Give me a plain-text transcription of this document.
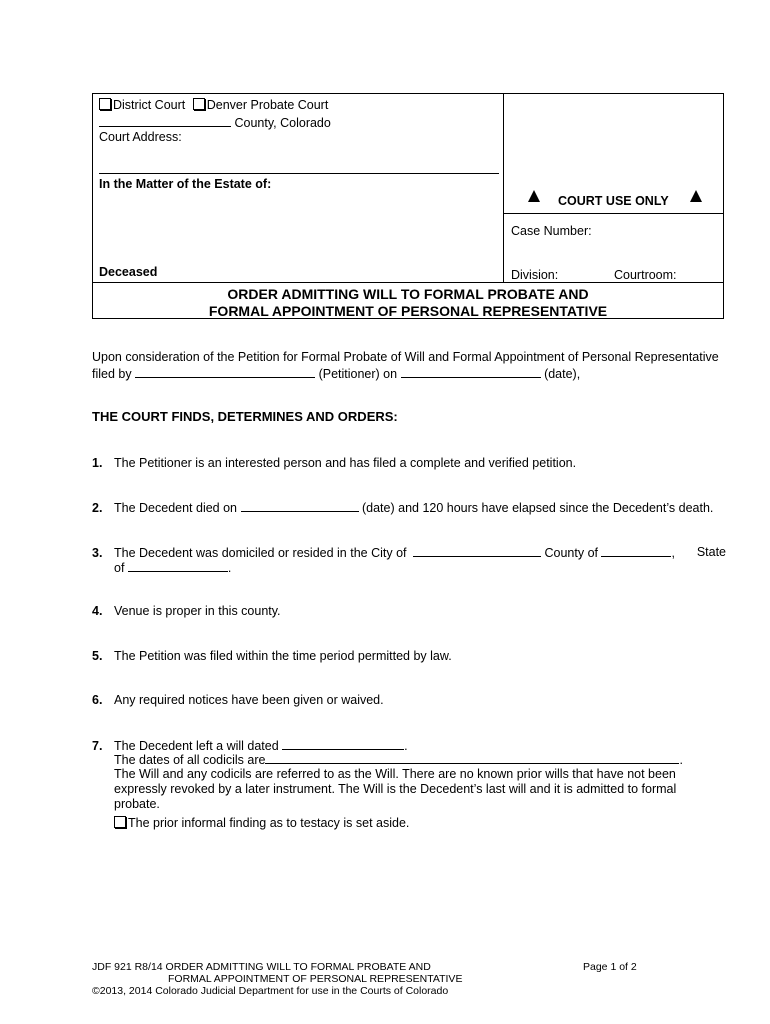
District Court Denver Probate Court
County, Colorado
Court Address:
In the Matter of the Estate of:
Deceased
COURT USE ONLY
Case Number:
Division:	Courtroom:
ORDER ADMITTING WILL TO FORMAL PROBATE AND
FORMAL APPOINTMENT OF PERSONAL REPRESENTATIVE
Upon consideration of the Petition for Formal Probate of Will and Formal Appointment of Personal Representative
filed by	(Petitioner) on	(date),
THE COURT FINDS, DETERMINES AND ORDERS:
1. The Petitioner is an interested person and has filed a complete and verified petition.
2. The Decedent died on	(date) and 120 hours have elapsed since the Decedent’s death.
3. The Decedent was domiciled or resided in the City of	County of	, State
of	.
4. Venue is proper in this county.
5. The Petition was filed within the time period permitted by law.
6. Any required notices have been given or waived.
7. The Decedent left a will dated	.
The dates of all codicils are	.
The Will and any codicils are referred to as the Will. There are no known prior wills that have not been
expressly revoked by a later instrument. The Will is the Decedent’s last will and it is admitted to formal
probate.
The prior informal finding as to testacy is set aside.
JDF 921 R8/14 ORDER ADMITTING WILL TO FORMAL PROBATE AND
FORMAL APPOINTMENT OF PERSONAL REPRESENTATIVE
©2013, 2014 Colorado Judicial Department for use in the Courts of Colorado
Page 1 of 2
